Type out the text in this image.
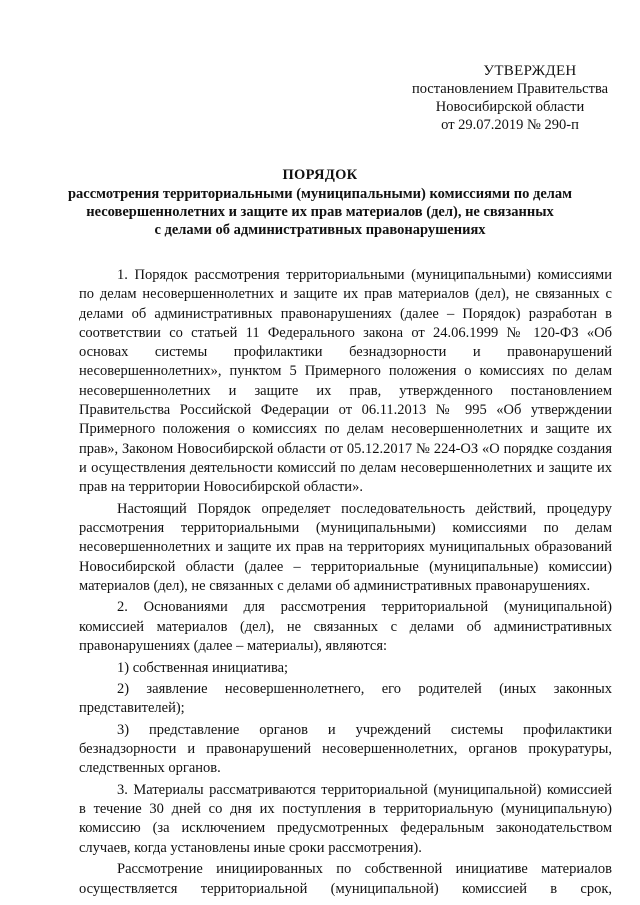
УТВЕРЖДЕН
постановлением Правительства
Новосибирской области
от 29.07.2019 № 290-п
ПОРЯДОК
рассмотрения территориальными (муниципальными) комиссиями по делам
несовершеннолетних и защите их прав материалов (дел), не связанных
с делами об административных правонарушениях

1. Порядок рассмотрения территориальными (муниципальными) комиссиями по делам несовершеннолетних и защите их прав материалов (дел), не связанных с делами об административных правонарушениях (далее – Порядок) разработан в соответствии со статьей 11 Федерального закона от 24.06.1999 № 120-ФЗ «Об основах системы профилактики безнадзорности и правонарушений несовершеннолетних», пунктом 5 Примерного положения о комиссиях по делам несовершеннолетних и защите их прав, утвержденного постановлением Правительства Российской Федерации от 06.11.2013 № 995 «Об утверждении Примерного положения о комиссиях по делам несовершеннолетних и защите их прав», Законом Новосибирской области от 05.12.2017 № 224-ОЗ «О порядке создания и осуществления деятельности комиссий по делам несовершеннолетних и защите их прав на территории Новосибирской области».

Настоящий Порядок определяет последовательность действий, процедуру рассмотрения территориальными (муниципальными) комиссиями по делам несовершеннолетних и защите их прав на территориях муниципальных образований Новосибирской области (далее – территориальные (муниципальные) комиссии) материалов (дел), не связанных с делами об административных правонарушениях.

2. Основаниями для рассмотрения территориальной (муниципальной) комиссией материалов (дел), не связанных с делами об административных правонарушениях (далее – материалы), являются:

1) собственная инициатива;

2) заявление несовершеннолетнего, его родителей (иных законных представителей);

3) представление органов и учреждений системы профилактики безнадзорности и правонарушений несовершеннолетних, органов прокуратуры, следственных органов.

3. Материалы рассматриваются территориальной (муниципальной) комиссией в течение 30 дней со дня их поступления в территориальную (муниципальную) комиссию (за исключением предусмотренных федеральным законодательством случаев, когда установлены иные сроки рассмотрения).

Рассмотрение инициированных по собственной инициативе материалов осуществляется территориальной (муниципальной) комиссией в срок,
